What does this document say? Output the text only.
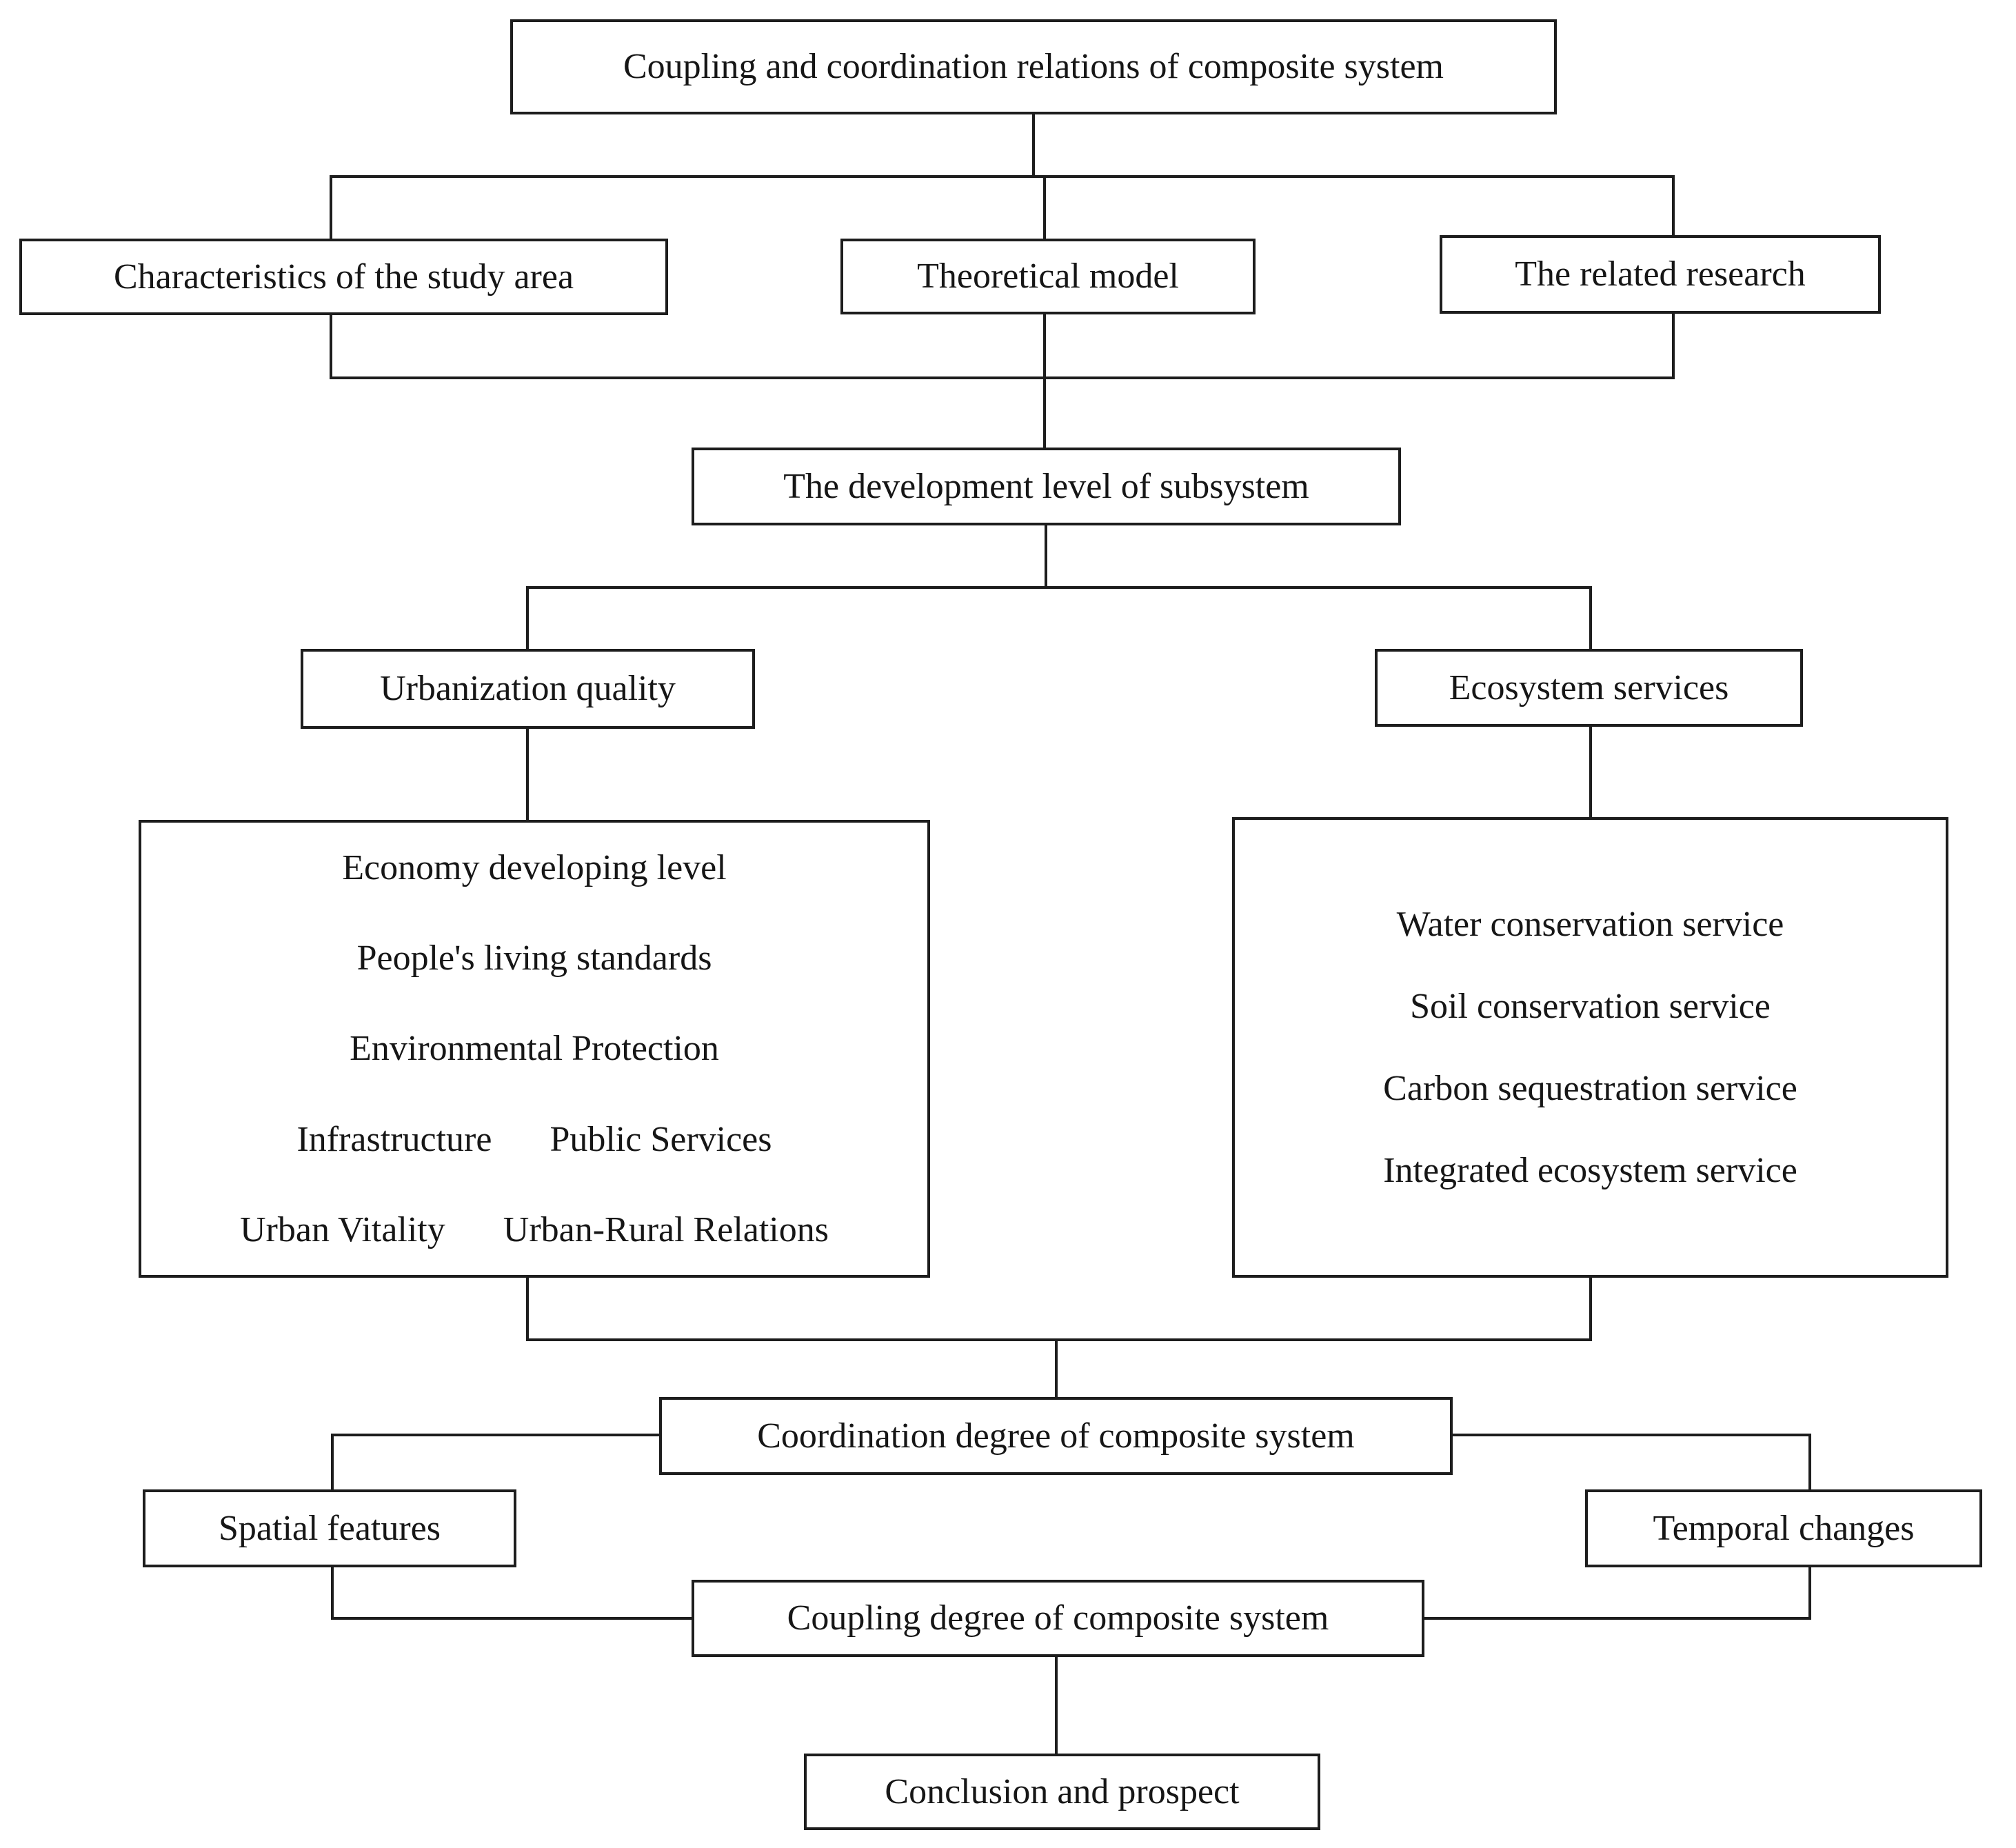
Coupling and coordination relations of composite system
Characteristics of the study area	Theoretical model	The related research
The development level of subsystem
Urbanization quality	Ecosystem services
Economy developing level
People's living standards
Environmental Protection
Infrastructure Public Services
Urban Vitality Urban-Rural Relations
Water conservation service
Soil conservation service
Carbon sequestration service
Integrated ecosystem service
Coordination degree of composite system
Spatial features	Temporal changes
Coupling degree of composite system
Conclusion and prospect
